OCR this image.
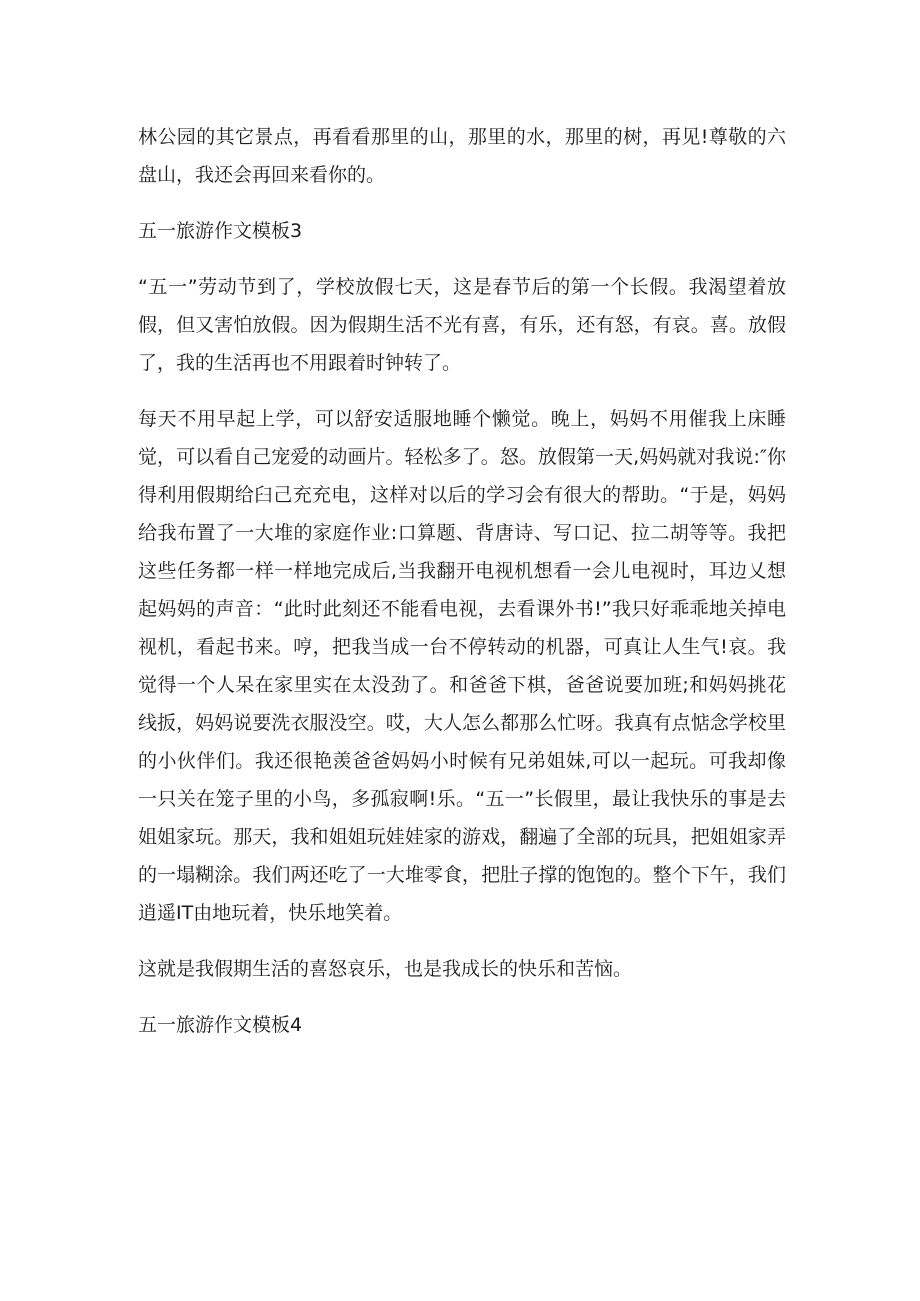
林公园的其它景点，再看看那里的山，那里的水，那里的树，再见!尊敬的六盘山，我还会再回来看你的。

五一旅游作文模板3

“五一”劳动节到了，学校放假七天，这是春节后的第一个长假。我渴望着放假，但又害怕放假。因为假期生活不光有喜，有乐，还有怒，有哀。喜。放假了，我的生活再也不用跟着时钟转了。

每天不用早起上学，可以舒安适服地睡个懒觉。晚上，妈妈不用催我上床睡觉，可以看自己宠爱的动画片。轻松多了。怒。放假第一天,妈妈就对我说:″你得利用假期给臼己充充电，这样对以后的学习会有很大的帮助。“于是，妈妈给我布置了一大堆的家庭作业:口算题、背唐诗、写口记、拉二胡等等。我把这些任务都一样一样地完成后,当我翻开电视机想看一会儿电视时，耳边乂想起妈妈的声音：“此时此刻还不能看电视，去看课外书!”我只好乖乖地关掉电视机，看起书来。哼，把我当成一台不停转动的机器，可真让人生气!哀。我觉得一个人呆在家里实在太没劲了。和爸爸下棋，爸爸说要加班;和妈妈挑花线扳，妈妈说要洗衣服没空。哎，大人怎么都那么忙呀。我真有点惦念学校里的小伙伴们。我还很艳羡爸爸妈妈小时候有兄弟姐妹,可以一起玩。可我却像一只关在笼子里的小鸟，多孤寂啊!乐。“五一”长假里，最让我快乐的事是去姐姐家玩。那天，我和姐姐玩娃娃家的游戏，翻遍了全部的玩具，把姐姐家弄的一塌糊涂。我们两还吃了一大堆零食，把肚子撑的饱饱的。整个下午，我们逍遥IT由地玩着，快乐地笑着。

这就是我假期生活的喜怒哀乐，也是我成长的快乐和苦恼。

五一旅游作文模板4
